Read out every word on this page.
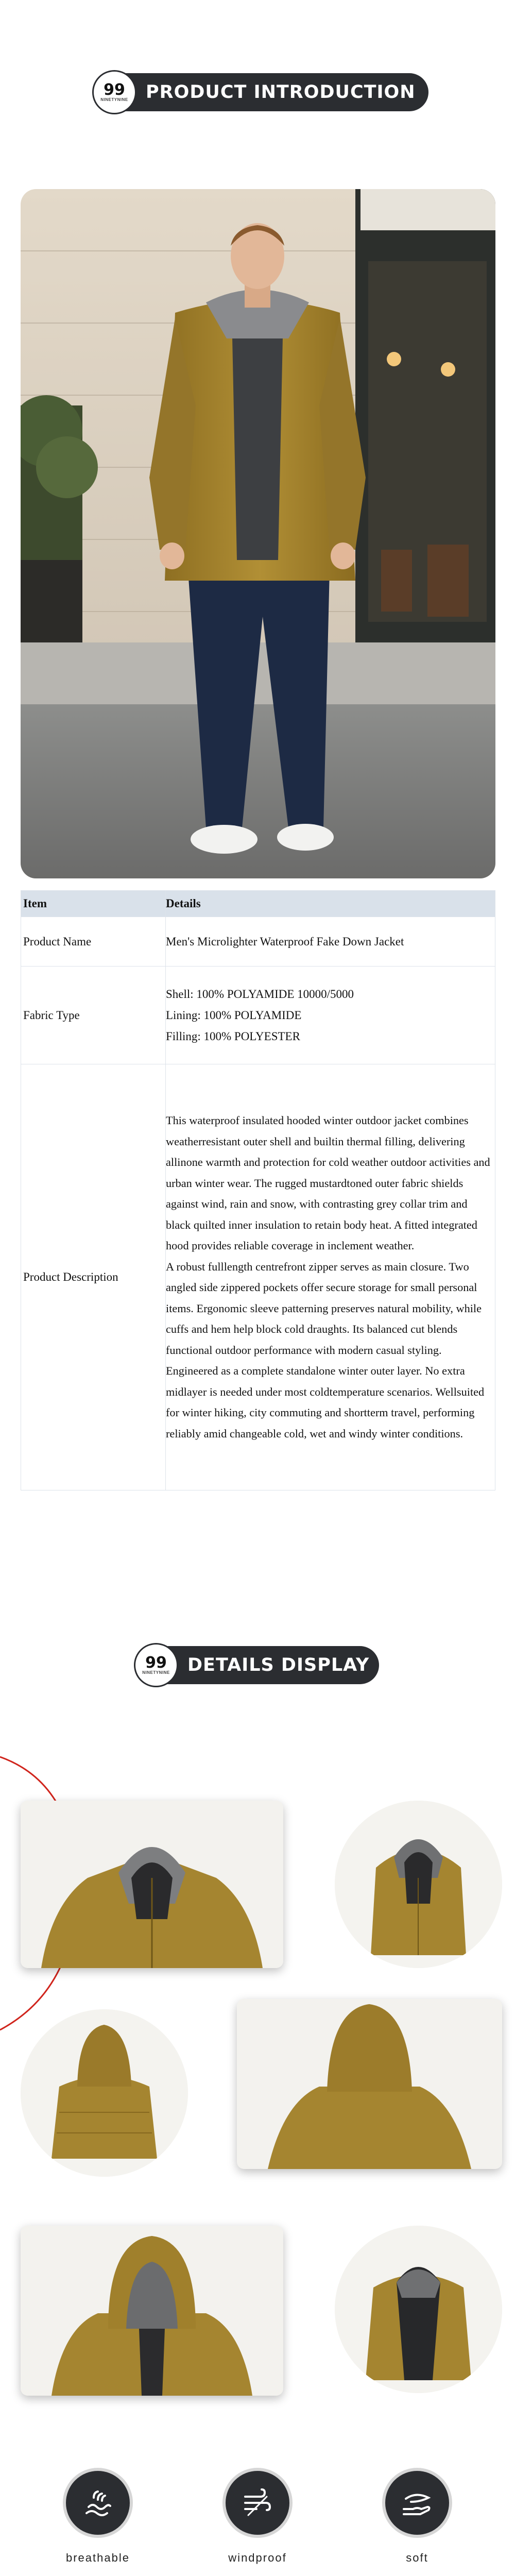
99
NINETYNINE PRODUCT INTRODUCTION
Item	Details
Product Name	Men's Microlighter Waterproof Fake Down Jacket
Fabric Type	Shell: 100% POLYAMIDE 10000/5000
Lining: 100% POLYAMIDE
Filling: 100% POLYESTER

Product Description	This waterproof insulated hooded winter outdoor jacket combines weatherresistant outer shell and builtin thermal filling, delivering allinone warmth and protection for cold weather outdoor activities and urban winter wear. The rugged mustardtoned outer fabric shields against wind, rain and snow, with contrasting grey collar trim and black quilted inner insulation to retain body heat. A fitted integrated hood provides reliable coverage in inclement weather.
A robust fulllength centrefront zipper serves as main closure. Two angled side zippered pockets offer secure storage for small personal items. Ergonomic sleeve patterning preserves natural mobility, while cuffs and hem help block cold draughts. Its balanced cut blends functional outdoor performance with modern casual styling. Engineered as a complete standalone winter outer layer. No extra midlayer is needed under most coldtemperature scenarios. Wellsuited for winter hiking, city commuting and shortterm travel, performing reliably amid changeable cold, wet and windy winter conditions.
99
NINETYNINE DETAILS DISPLAY
breathable	windproof	soft
